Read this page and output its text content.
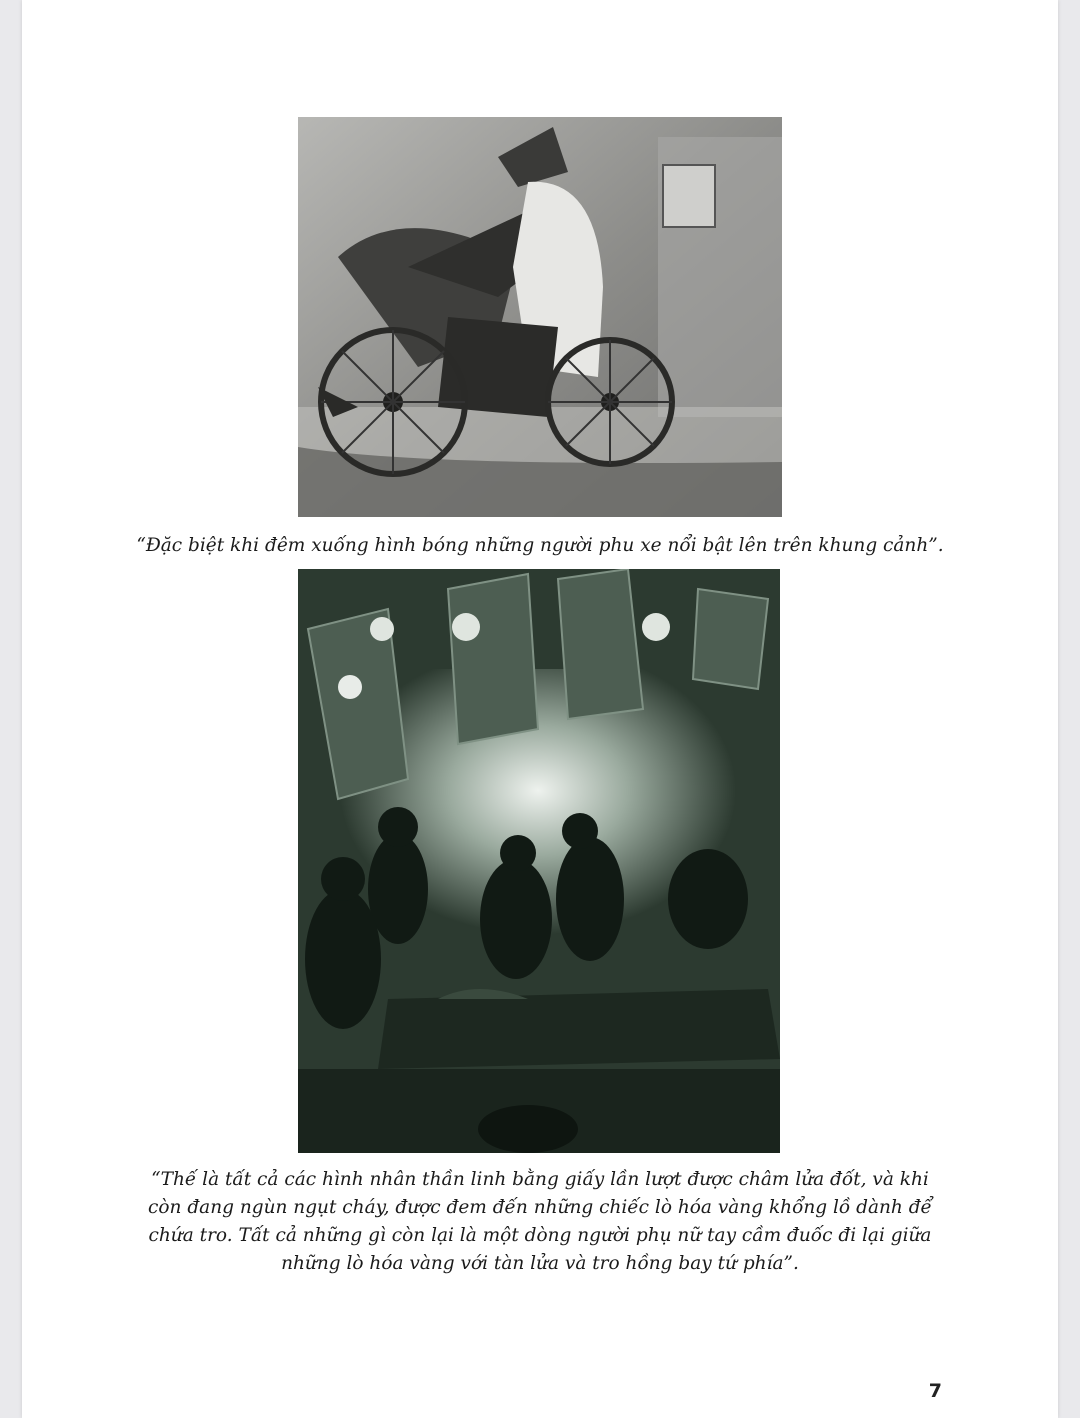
“Đặc biệt khi đêm xuống hình bóng những người phu xe nổi bật lên trên khung cảnh”.

“Thế là tất cả các hình nhân thần linh bằng giấy lần lượt được châm lửa đốt, và khi còn đang ngùn ngụt cháy, được đem đến những chiếc lò hóa vàng khổng lồ dành để chứa tro. Tất cả những gì còn lại là một dòng người phụ nữ tay cầm đuốc đi lại giữa những lò hóa vàng với tàn lửa và tro hồng bay tứ phía”.

7
